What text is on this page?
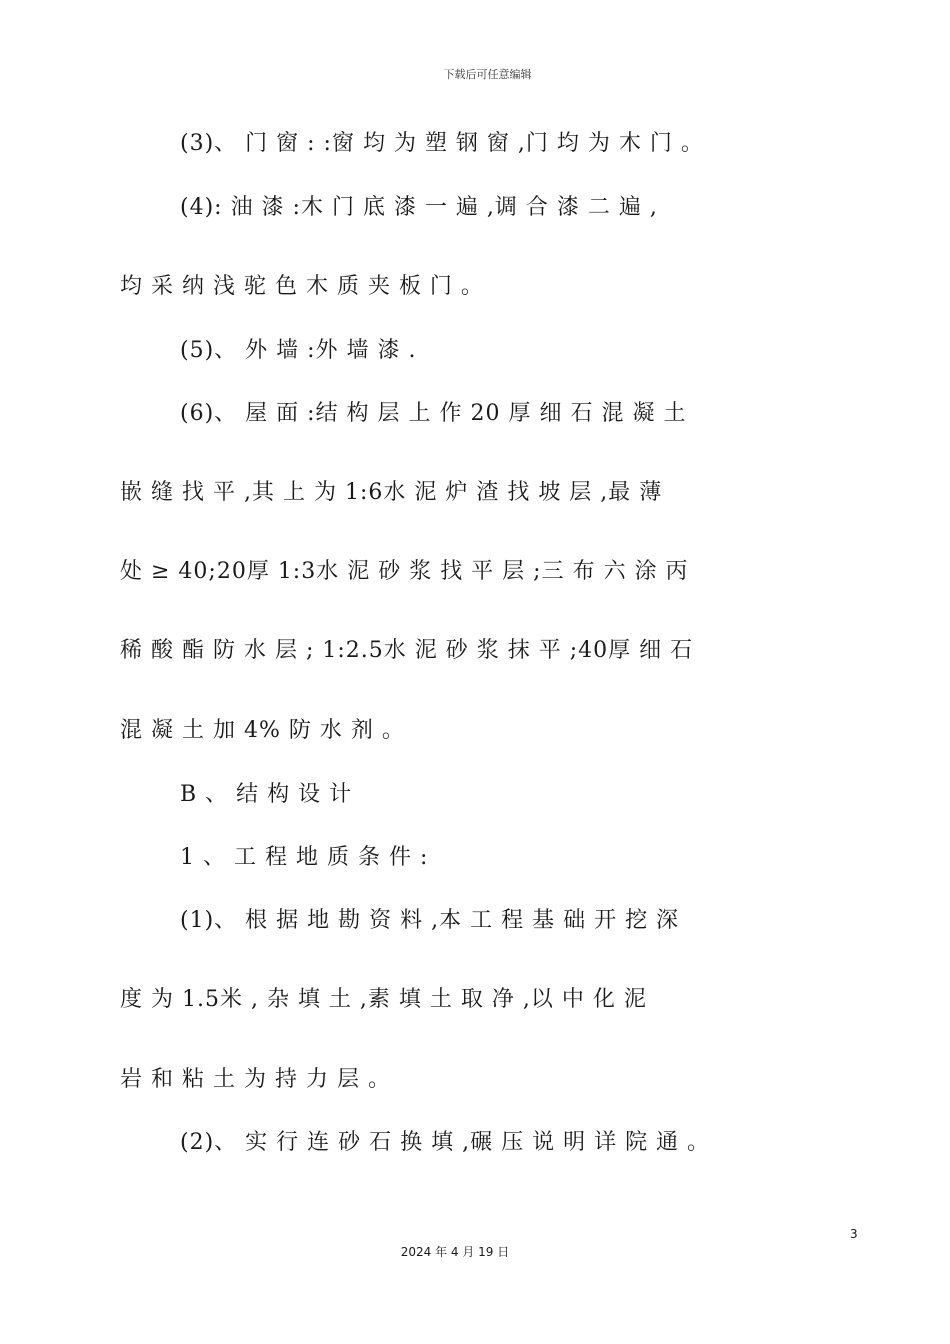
下载后可任意编辑
(3)、 门 窗 : :窗 均 为 塑 钢 窗 ,门 均 为 木 门 。
(4): 油 漆 :木 门 底 漆 一 遍 ,调 合 漆 二 遍 ,
均 采 纳 浅 驼 色 木 质 夹 板 门 。
(5)、 外 墙 :外 墙 漆 .
(6)、 屋 面 :结 构 层 上 作 20 厚 细 石 混 凝 土
嵌 缝 找 平 ,其 上 为 1:6水 泥 炉 渣 找 坡 层 ,最 薄
处 ≥ 40;20厚 1:3水 泥 砂 浆 找 平 层 ;三 布 六 涂 丙
稀 酸 酯 防 水 层 ; 1:2.5水 泥 砂 浆 抹 平 ;40厚 细 石
混 凝 土 加 4% 防 水 剂 。
B 、 结 构 设 计
1 、 工 程 地 质 条 件 :
(1)、 根 据 地 勘 资 料 ,本 工 程 基 础 开 挖 深
度 为 1.5米 , 杂 填 土 ,素 填 土 取 净 ,以 中 化 泥
岩 和 粘 土 为 持 力 层 。
(2)、 实 行 连 砂 石 换 填 ,碾 压 说 明 详 院 通 。
3
2024 年 4 月 19 日
